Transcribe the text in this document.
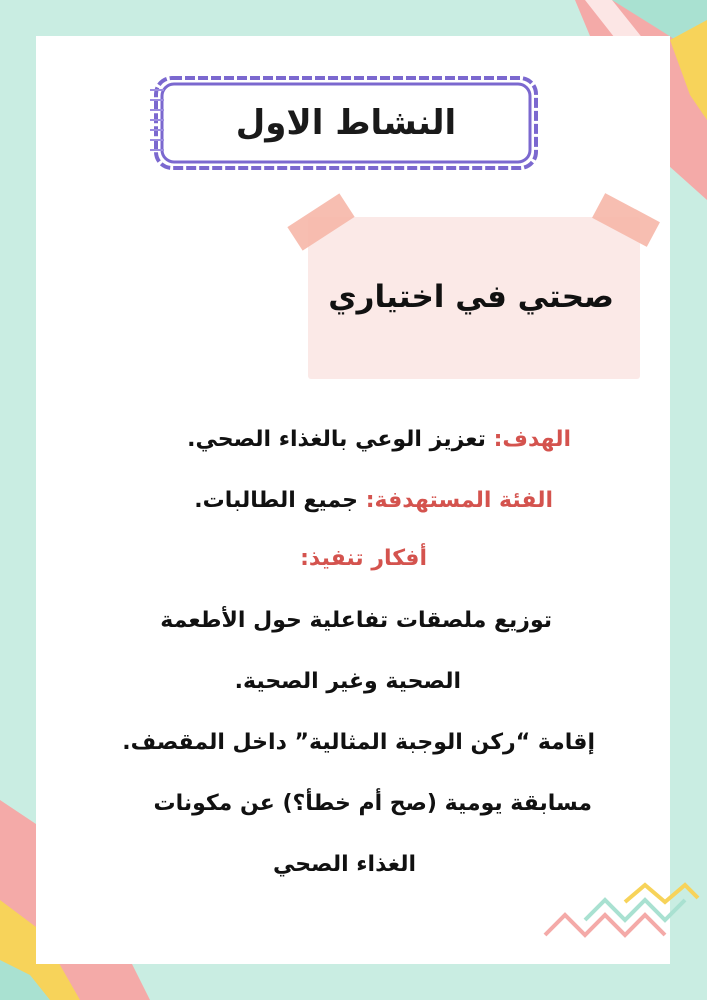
النشاط الاول
صحتي في اختياري
الهدف: تعزيز الوعي بالغذاء الصحي.
الفئة المستهدفة: جميع الطالبات.
أفكار تنفيذ:
توزيع ملصقات تفاعلية حول الأطعمة
الصحية وغير الصحية.
إقامة “ركن الوجبة المثالية” داخل المقصف.
مسابقة يومية (صح أم خطأ؟) عن مكونات
الغذاء الصحي
